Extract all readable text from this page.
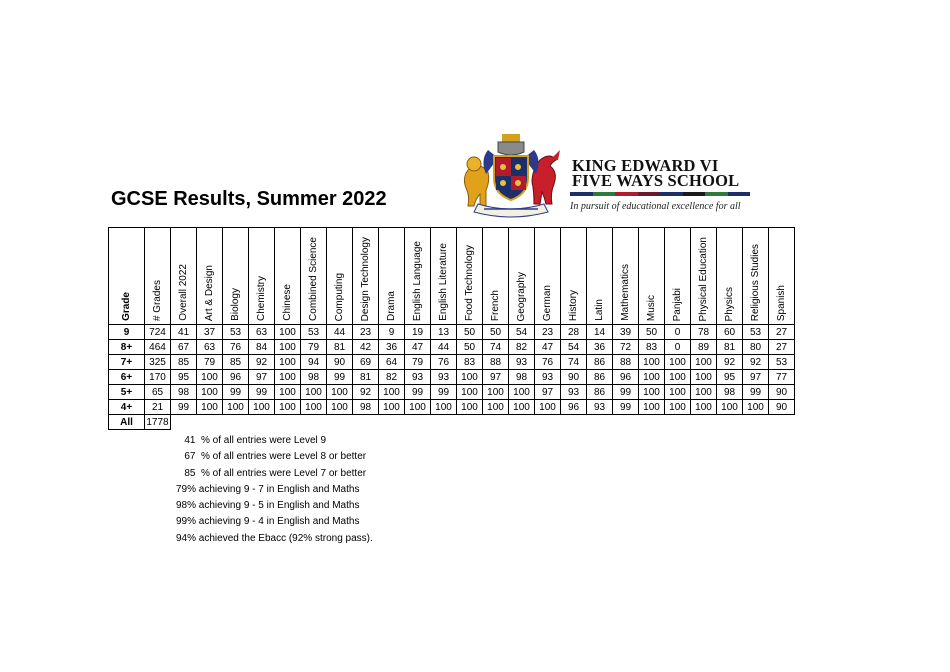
GCSE Results, Summer 2022
KING EDWARD VI
FIVE WAYS SCHOOL
In pursuit of educational excellence for all
Grade	# Grades	Overall 2022	Art & Design	Biology	Chemistry	Chinese	Combined Science	Computing	Design Technology	Drama	English Language	English Literature	Food Technology	French	Geography	German	History	Latin	Mathematics	Music	Panjabi	Physical Education	Physics	Religious Studies	Spanish

9	724	41	37	53	63	100	53	44	23	9	19	13	50	50	54	23	28	14	39	50	0	78	60	53	27
8+	464	67	63	76	84	100	79	81	42	36	47	44	50	74	82	47	54	36	72	83	0	89	81	80	27
7+	325	85	79	85	92	100	94	90	69	64	79	76	83	88	93	76	74	86	88	100	100	100	92	92	53
6+	170	95	100	96	97	100	98	99	81	82	93	93	100	97	98	93	90	86	96	100	100	100	95	97	77
5+	65	98	100	99	99	100	100	100	92	100	99	99	100	100	100	97	93	86	99	100	100	100	98	99	90
4+	21	99	100	100	100	100	100	100	98	100	100	100	100	100	100	100	96	93	99	100	100	100	100	100	90
All	1778																								
41  % of all entries were Level 9
67  % of all entries were Level 8 or better
85  % of all entries were Level 7 or better
79% achieving 9 - 7 in English and Maths
98% achieving 9 - 5 in English and Maths
99% achieving 9 - 4 in English and Maths
94% achieved the Ebacc (92% strong pass).
